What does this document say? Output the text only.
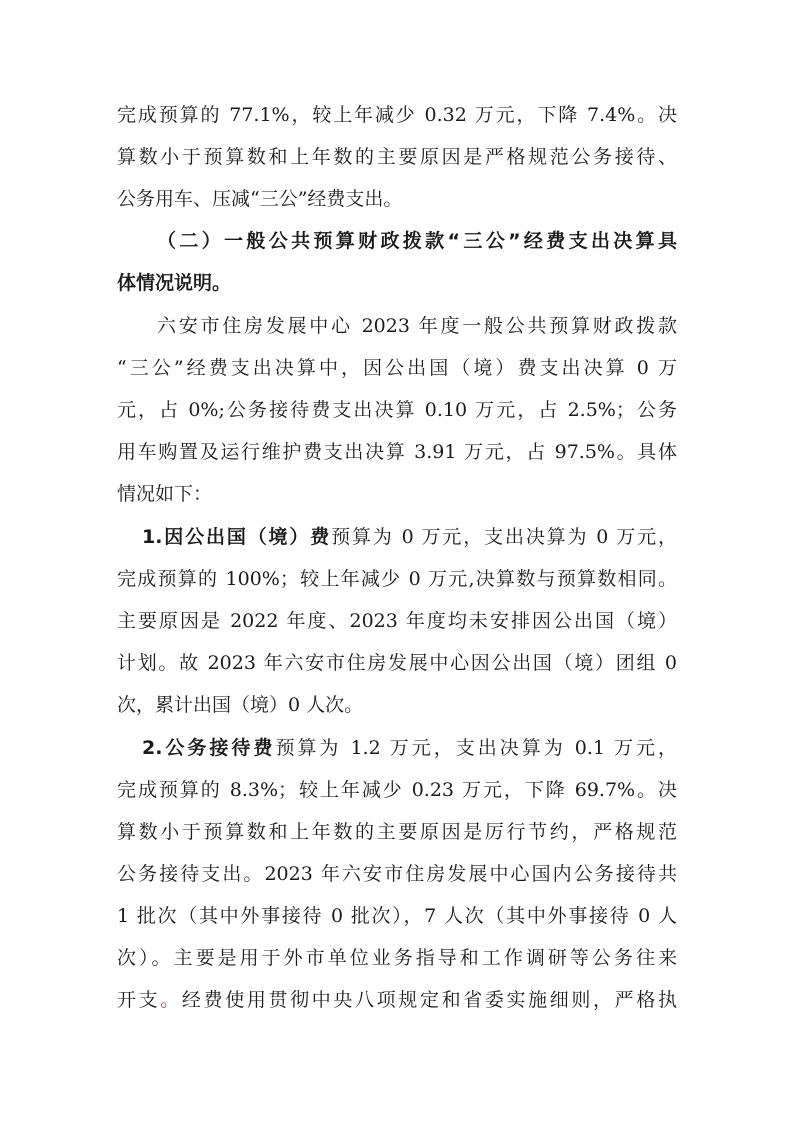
完成预算的 77.1%，较上年减少 0.32 万元，下降 7.4%。决
算数小于预算数和上年数的主要原因是严格规范公务接待、
公务用车、压减“三公”经费支出。
（二）一般公共预算财政拨款“三公”经费支出决算具
体情况说明。
六安市住房发展中心 2023 年度一般公共预算财政拨款
“三公”经费支出决算中，因公出国（境）费支出决算 0 万
元，占 0%;公务接待费支出决算 0.10 万元，占 2.5%；公务
用车购置及运行维护费支出决算 3.91 万元，占 97.5%。具体
情况如下：
1.因公出国（境）费预算为 0 万元，支出决算为 0 万元，
完成预算的 100%；较上年减少 0 万元,决算数与预算数相同。
主要原因是 2022 年度、2023 年度均未安排因公出国（境）
计划。故 2023 年六安市住房发展中心因公出国（境）团组 0
次，累计出国（境）0 人次。
2.公务接待费预算为 1.2 万元，支出决算为 0.1 万元，
完成预算的 8.3%；较上年减少 0.23 万元，下降 69.7%。决
算数小于预算数和上年数的主要原因是厉行节约，严格规范
公务接待支出。2023 年六安市住房发展中心国内公务接待共
1 批次（其中外事接待 0 批次），7 人次（其中外事接待 0 人
次）。主要是用于外市单位业务指导和工作调研等公务往来
开支。经费使用贯彻中央八项规定和省委实施细则，严格执
